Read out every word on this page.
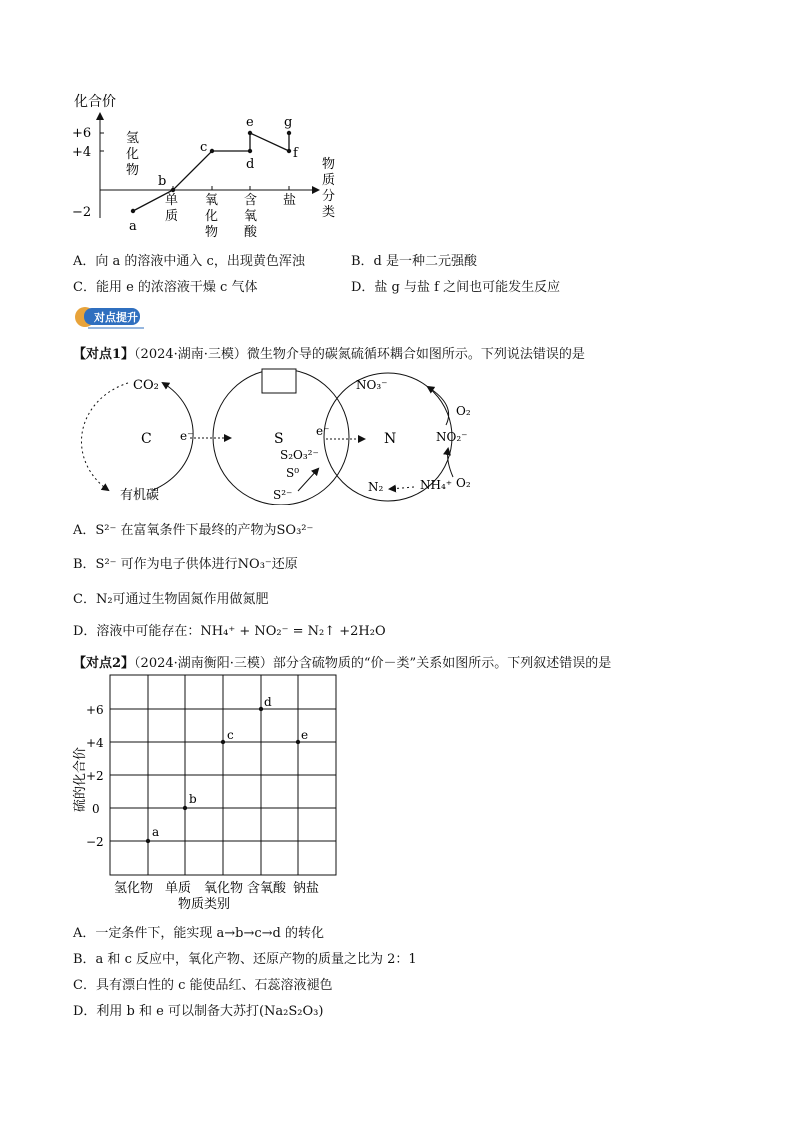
化合价
+6
+4
−2
氢化物
单质
氧化物
含氧酸
盐
物质分类
a
b
c
d
e
f
g
A．向 a 的溶液中通入 c，出现黄色浑浊	B．d 是一种二元强酸
C．能用 e 的浓溶液干燥 c 气体	D．盐 g 与盐 f 之间也可能发生反应
对点提升
【对点1】（2024·湖南·三模）微生物介导的碳氮硫循环耦合如图所示。下列说法错误的是
CO₂
C
有机碳
e⁻	S
S₂O₃²⁻
S⁰
S²⁻
e⁻	N
NO₃⁻
NO₂⁻
NH₄⁺
N₂
O₂
O₂
A．S²⁻ 在富氧条件下最终的产物为SO₃²⁻
B．S²⁻ 可作为电子供体进行NO₃⁻还原
C．N₂可通过生物固氮作用做氮肥
D．溶液中可能存在：NH₄⁺ + NO₂⁻ = N₂↑ +2H₂O
【对点2】（2024·湖南衡阳·三模）部分含硫物质的“价－类”关系如图所示。下列叙述错误的是
+6
+4
+2
0
−2
硫的化合价
a
b
c
d
e
氢化物 单质 氧化物 含氧酸 钠盐
物质类别
A．一定条件下，能实现 a→b→c→d 的转化
B．a 和 c 反应中，氧化产物、还原产物的质量之比为 2：1
C．具有漂白性的 c 能使品红、石蕊溶液褪色
D．利用 b 和 e 可以制备大苏打(Na₂S₂O₃)
